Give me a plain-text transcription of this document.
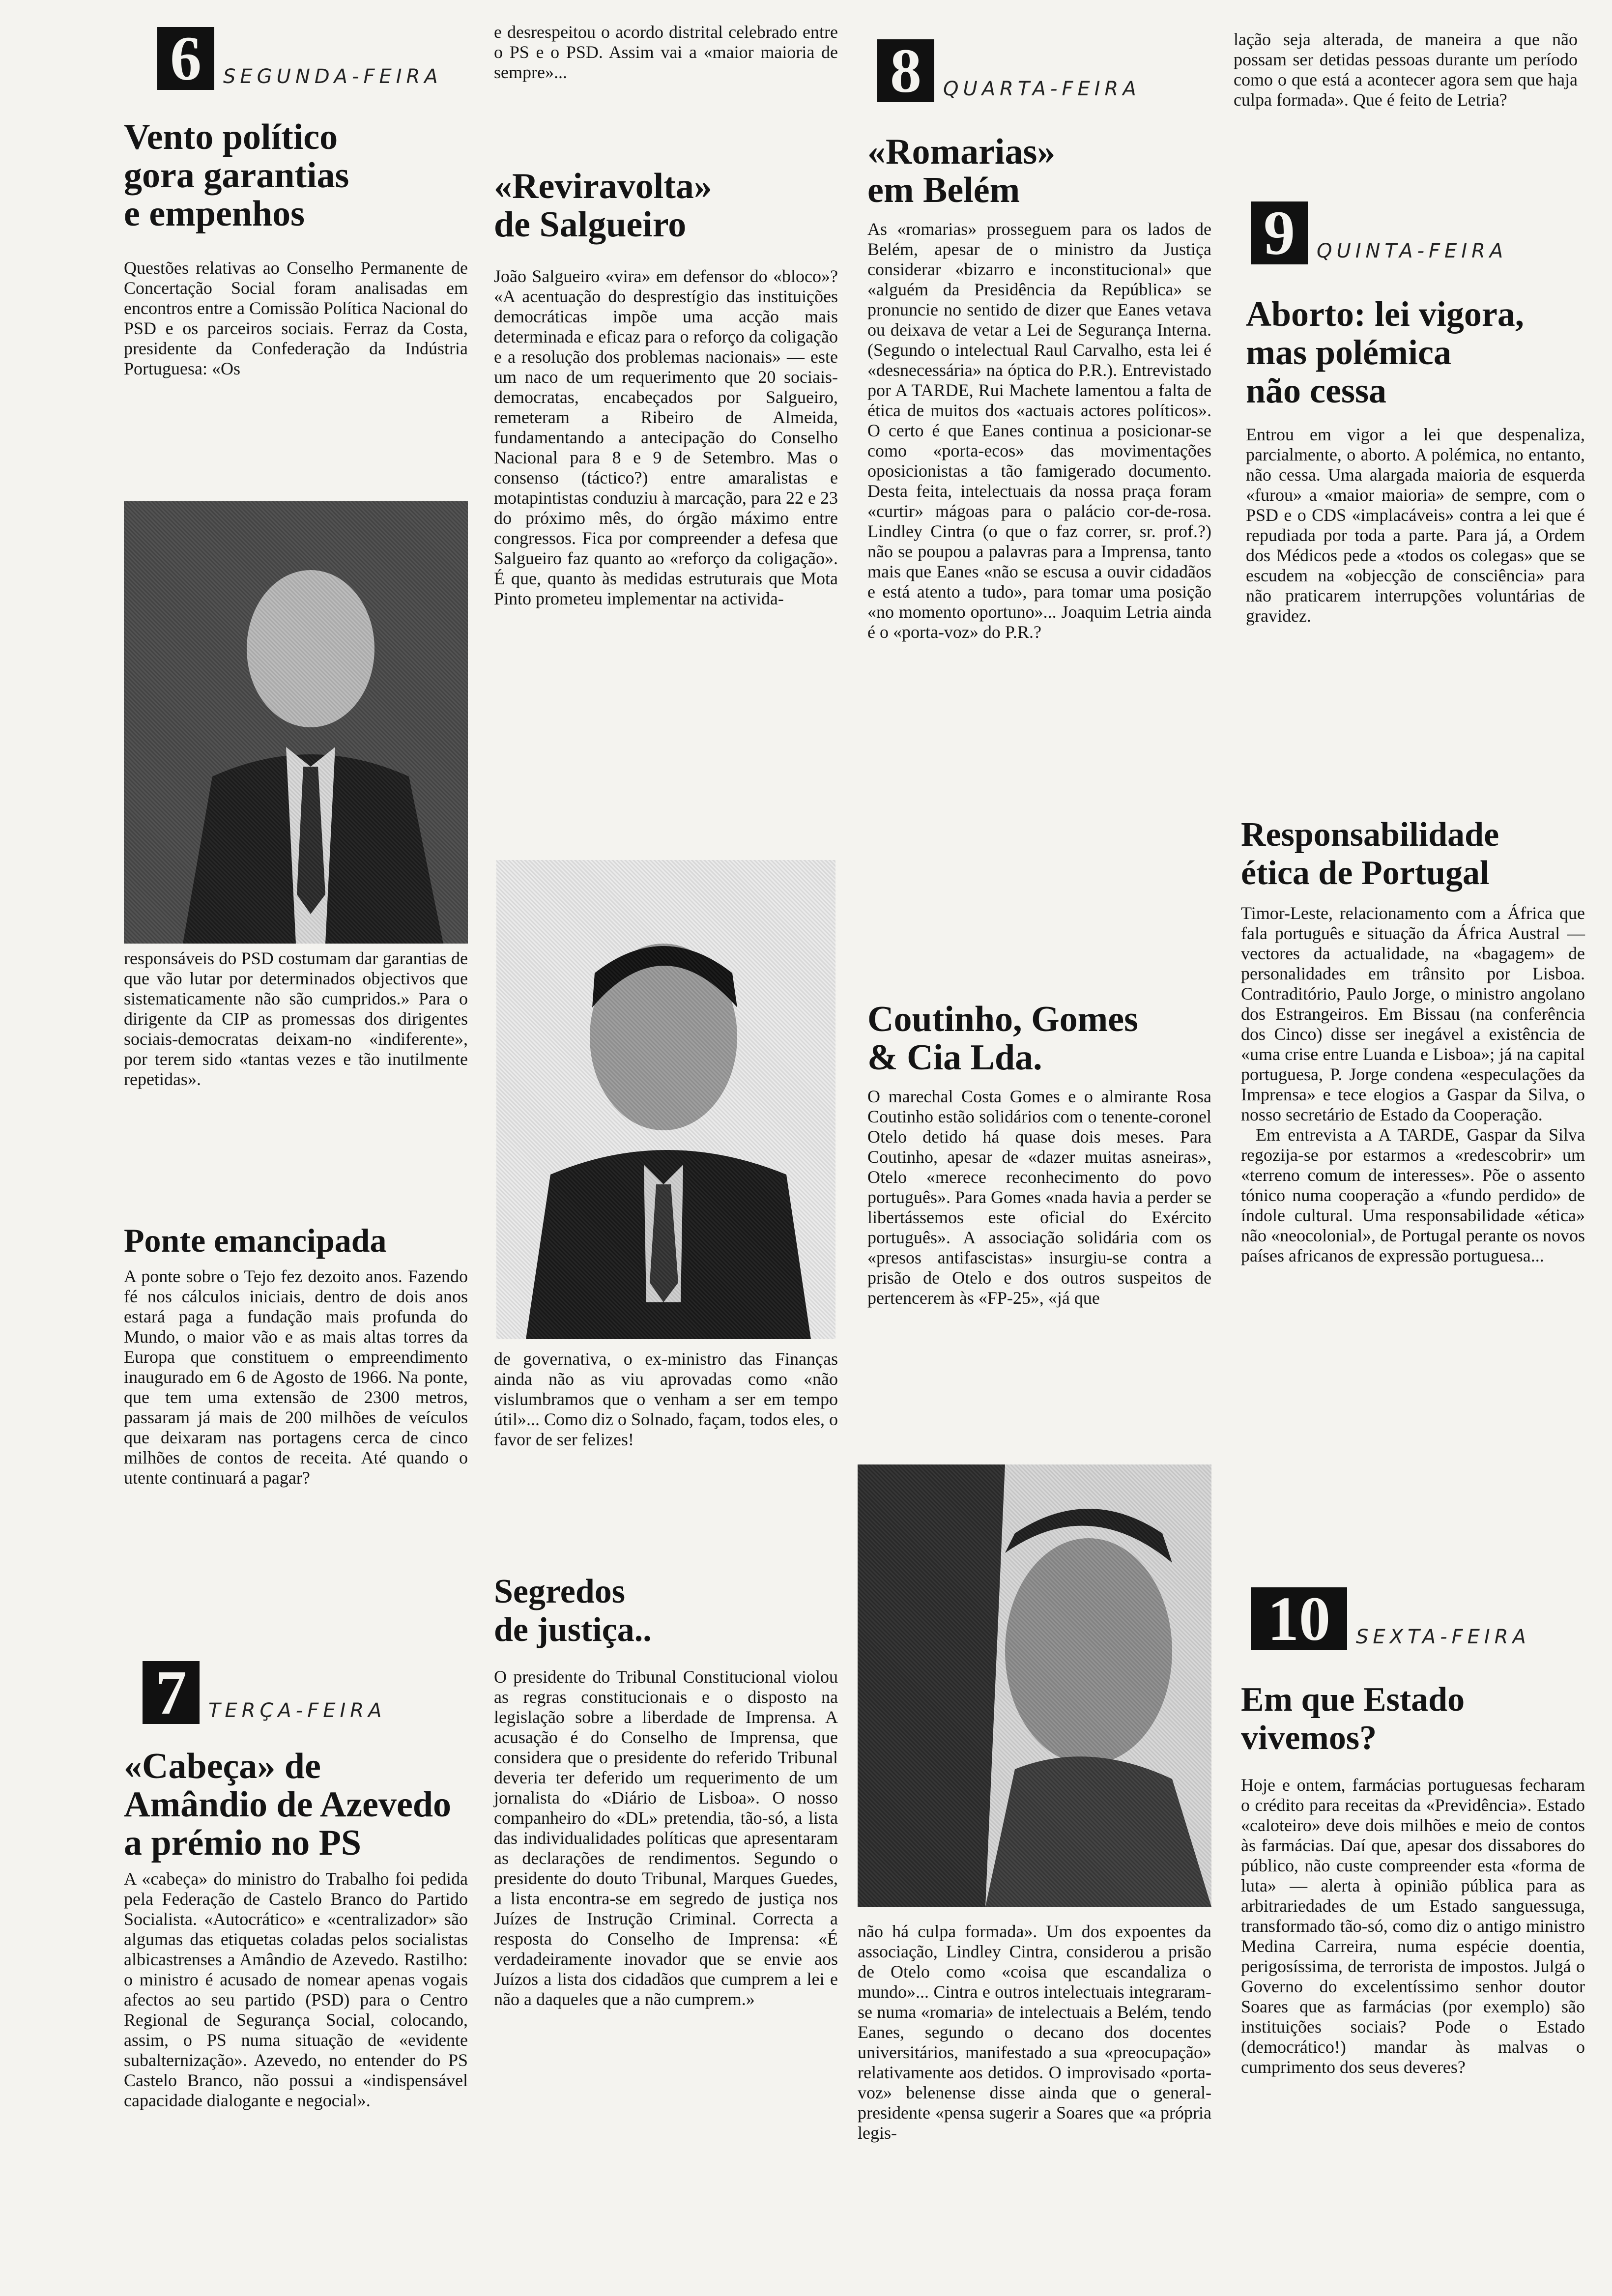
6	SEGUNDA-FEIRA
Vento político
gora garantias
e empenhos

Questões relativas ao Conselho Permanente de Concertação Social foram analisadas em encontros entre a Comissão Política Nacional do PSD e os parceiros sociais. Ferraz da Costa, presidente da Confederação da Indústria Portuguesa: «Os

responsáveis do PSD costumam dar garantias de que vão lutar por determinados objectivos que sistematicamente não são cumpridos.» Para o dirigente da CIP as promessas dos dirigentes sociais-democratas deixam-no «indiferente», por terem sido «tantas vezes e tão inutilmente repetidas».

Ponte emancipada

A ponte sobre o Tejo fez dezoito anos. Fazendo fé nos cálculos iniciais, dentro de dois anos estará paga a fundação mais profunda do Mundo, o maior vão e as mais altas torres da Europa que constituem o empreendimento inaugurado em 6 de Agosto de 1966. Na ponte, que tem uma extensão de 2300 metros, passaram já mais de 200 milhões de veículos que deixaram nas portagens cerca de cinco milhões de contos de receita. Até quando o utente continuará a pagar?

7	TERÇA-FEIRA
«Cabeça» de
Amândio de Azevedo
a prémio no PS

A «cabeça» do ministro do Trabalho foi pedida pela Federação de Castelo Branco do Partido Socialista. «Autocrático» e «centralizador» são algumas das etiquetas coladas pelos socialistas albicastrenses a Amândio de Azevedo. Rastilho: o ministro é acusado de nomear apenas vogais afectos ao seu partido (PSD) para o Centro Regional de Segurança Social, colocando, assim, o PS numa situação de «evidente subalternização». Azevedo, no entender do PS Castelo Branco, não possui a «indispensável capacidade dialogante e negocial».

e desrespeitou o acordo distrital celebrado entre o PS e o PSD. Assim vai a «maior maioria de sempre»...

«Reviravolta»
de Salgueiro

João Salgueiro «vira» em defensor do «bloco»? «A acentuação do desprestígio das instituições democráticas impõe uma acção mais determinada e eficaz para o reforço da coligação e a resolução dos problemas nacionais» — este um naco de um requerimento que 20 sociais-democratas, encabeçados por Salgueiro, remeteram a Ribeiro de Almeida, fundamentando a antecipação do Conselho Nacional para 8 e 9 de Setembro. Mas o consenso (táctico?) entre amaralistas e motapintistas conduziu à marcação, para 22 e 23 do próximo mês, do órgão máximo entre congressos. Fica por compreender a defesa que Salgueiro faz quanto ao «reforço da coligação». É que, quanto às medidas estruturais que Mota Pinto prometeu implementar na activida-

de governativa, o ex-ministro das Finanças ainda não as viu aprovadas como «não vislumbramos que o venham a ser em tempo útil»... Como diz o Solnado, façam, todos eles, o favor de ser felizes!

Segredos
de justiça..

O presidente do Tribunal Constitucional violou as regras constitucionais e o disposto na legislação sobre a liberdade de Imprensa. A acusação é do Conselho de Imprensa, que considera que o presidente do referido Tribunal deveria ter deferido um requerimento de um jornalista do «Diário de Lisboa». O nosso companheiro do «DL» pretendia, tão-só, a lista das individualidades políticas que apresentaram as declarações de rendimentos. Segundo o presidente do douto Tribunal, Marques Guedes, a lista encontra-se em segredo de justiça nos Juízes de Instrução Criminal. Correcta a resposta do Conselho de Imprensa: «É verdadeiramente inovador que se envie aos Juízos a lista dos cidadãos que cumprem a lei e não a daqueles que a não cumprem.»

8	QUARTA-FEIRA
«Romarias»
em Belém

As «romarias» prosseguem para os lados de Belém, apesar de o ministro da Justiça considerar «bizarro e inconstitucional» que «alguém da Presidência da República» se pronuncie no sentido de dizer que Eanes vetava ou deixava de vetar a Lei de Segurança Interna. (Segundo o intelectual Raul Carvalho, esta lei é «desnecessária» na óptica do P.R.). Entrevistado por A TARDE, Rui Machete lamentou a falta de ética de muitos dos «actuais actores políticos». O certo é que Eanes continua a posicionar-se como «porta-ecos» das movimentações oposicionistas a tão famigerado documento. Desta feita, intelectuais da nossa praça foram «curtir» mágoas para o palácio cor-de-rosa. Lindley Cintra (o que o faz correr, sr. prof.?) não se poupou a palavras para a Imprensa, tanto mais que Eanes «não se escusa a ouvir cidadãos e está atento a tudo», para tomar uma posição «no momento oportuno»... Joaquim Letria ainda é o «porta-voz» do P.R.?

Coutinho, Gomes
& Cia Lda.

O marechal Costa Gomes e o almirante Rosa Coutinho estão solidários com o tenente-coronel Otelo detido há quase dois meses. Para Coutinho, apesar de «dazer muitas asneiras», Otelo «merece reconhecimento do povo português». Para Gomes «nada havia a perder se libertássemos este oficial do Exército português». A associação solidária com os «presos antifascistas» insurgiu-se contra a prisão de Otelo e dos outros suspeitos de pertencerem às «FP-25», «já que

não há culpa formada». Um dos expoentes da associação, Lindley Cintra, considerou a prisão de Otelo como «coisa que escandaliza o mundo»... Cintra e outros intelectuais integraram-se numa «romaria» de intelectuais a Belém, tendo Eanes, segundo o decano dos docentes universitários, manifestado a sua «preocupação» relativamente aos detidos. O improvisado «porta-voz» belenense disse ainda que o general-presidente «pensa sugerir a Soares que «a própria legis-

lação seja alterada, de maneira a que não possam ser detidas pessoas durante um período como o que está a acontecer agora sem que haja culpa formada». Que é feito de Letria?

9	QUINTA-FEIRA
Aborto: lei vigora,
mas polémica
não cessa

Entrou em vigor a lei que despenaliza, parcialmente, o aborto. A polémica, no entanto, não cessa. Uma alargada maioria de esquerda «furou» a «maior maioria» de sempre, com o PSD e o CDS «implacáveis» contra a lei que é repudiada por toda a parte. Para já, a Ordem dos Médicos pede a «todos os colegas» que se escudem na «objecção de consciência» para não praticarem interrupções voluntárias de gravidez.

Responsabilidade
ética de Portugal

Timor-Leste, relacionamento com a África que fala português e situação da África Austral — vectores da actualidade, na «bagagem» de personalidades em trânsito por Lisboa. Contraditório, Paulo Jorge, o ministro angolano dos Estrangeiros. Em Bissau (na conferência dos Cinco) disse ser inegável a existência de «uma crise entre Luanda e Lisboa»; já na capital portuguesa, P. Jorge condena «especulações da Imprensa» e tece elogios a Gaspar da Silva, o nosso secretário de Estado da Cooperação.

Em entrevista a A TARDE, Gaspar da Silva regozija-se por estarmos a «redescobrir» um «terreno comum de interesses». Põe o assento tónico numa cooperação a «fundo perdido» de índole cultural. Uma responsabilidade «ética» não «neocolonial», de Portugal perante os novos países africanos de expressão portuguesa...

10	SEXTA-FEIRA
Em que Estado
vivemos?

Hoje e ontem, farmácias portuguesas fecharam o crédito para receitas da «Previdência». Estado «caloteiro» deve dois milhões e meio de contos às farmácias. Daí que, apesar dos dissabores do público, não custe compreender esta «forma de luta» — alerta à opinião pública para as arbitrariedades de um Estado sanguessuga, transformado tão-só, como diz o antigo ministro Medina Carreira, numa espécie doentia, perigosíssima, de terrorista de impostos. Julgá o Governo do excelentíssimo senhor doutor Soares que as farmácias (por exemplo) são instituições sociais? Pode o Estado (democrático!) mandar às malvas o cumprimento dos seus deveres?
